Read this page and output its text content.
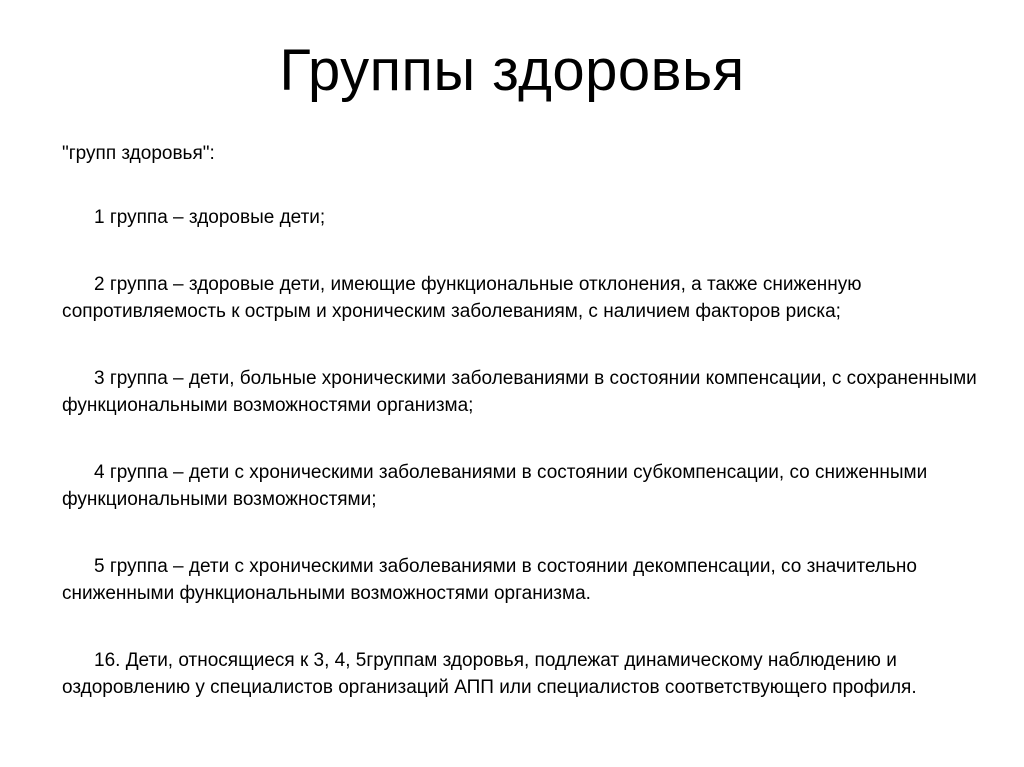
Группы здоровья

"групп здоровья":

1 группа – здоровые дети;

2 группа – здоровые дети, имеющие функциональные отклонения, а также сниженную сопротивляемость к острым и хроническим заболеваниям, с наличием факторов риска;

3 группа – дети, больные хроническими заболеваниями в состоянии компенсации, с сохраненными функциональными возможностями организма;

4 группа – дети с хроническими заболеваниями в состоянии субкомпенсации, со сниженными функциональными возможностями;

5 группа – дети с хроническими заболеваниями в состоянии декомпенсации, со значительно сниженными функциональными возможностями организма.

16. Дети, относящиеся к 3, 4, 5группам здоровья, подлежат динамическому наблюдению и оздоровлению у специалистов организаций АПП или специалистов соответствующего профиля.
